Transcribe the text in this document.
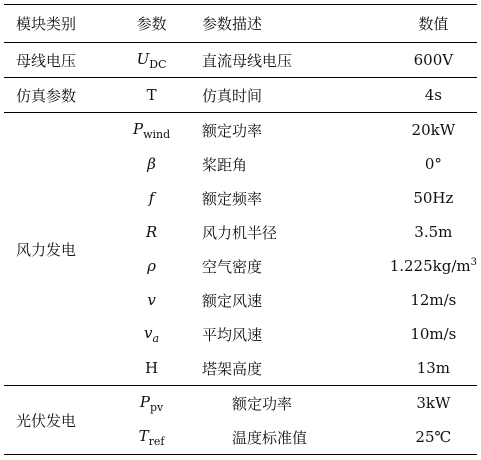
模块类别	参数	参数描述	数值
母线电压	$U_{DC}$	直流母线电压	600V
仿真参数	T	仿真时间	4s
风力发电	$P_{wind}$	额定功率	20kW
	β	桨距角	0°
	f	额定频率	50Hz
	R	风力机半径	3.5m
	ρ	空气密度	$1.225kg/m^3$
	v	额定风速	12m/s
	$v_a$	平均风速	10m/s
	H	塔架高度	13m
光伏发电	$P_{pv}$	额定功率	3kW
	$T_{ref}$	温度标准值	25℃
